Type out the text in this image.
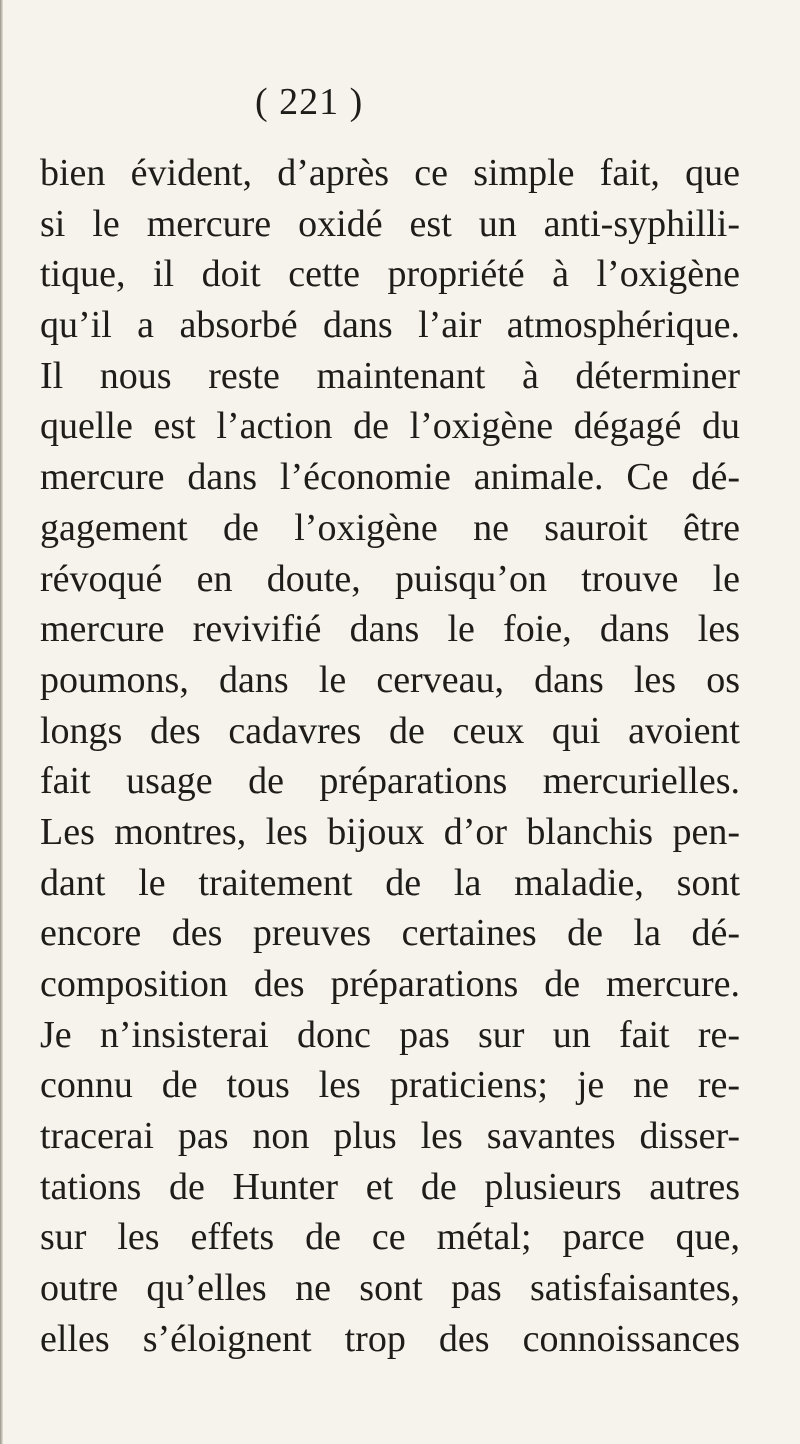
( 221 )
bien évident, d’après ce simple fait, que
si le mercure oxidé est un anti-syphilli-
tique, il doit cette propriété à l’oxigène
qu’il a absorbé dans l’air atmosphérique.
Il nous reste maintenant à déterminer
quelle est l’action de l’oxigène dégagé du
mercure dans l’économie animale. Ce dé-
gagement de l’oxigène ne sauroit être
révoqué en doute, puisqu’on trouve le
mercure revivifié dans le foie, dans les
poumons, dans le cerveau, dans les os
longs des cadavres de ceux qui avoient
fait usage de préparations mercurielles.
Les montres, les bijoux d’or blanchis pen-
dant le traitement de la maladie, sont
encore des preuves certaines de la dé-
composition des préparations de mercure.
Je n’insisterai donc pas sur un fait re-
connu de tous les praticiens; je ne re-
tracerai pas non plus les savantes disser-
tations de Hunter et de plusieurs autres
sur les effets de ce métal; parce que,
outre qu’elles ne sont pas satisfaisantes,
elles s’éloignent trop des connoissances
